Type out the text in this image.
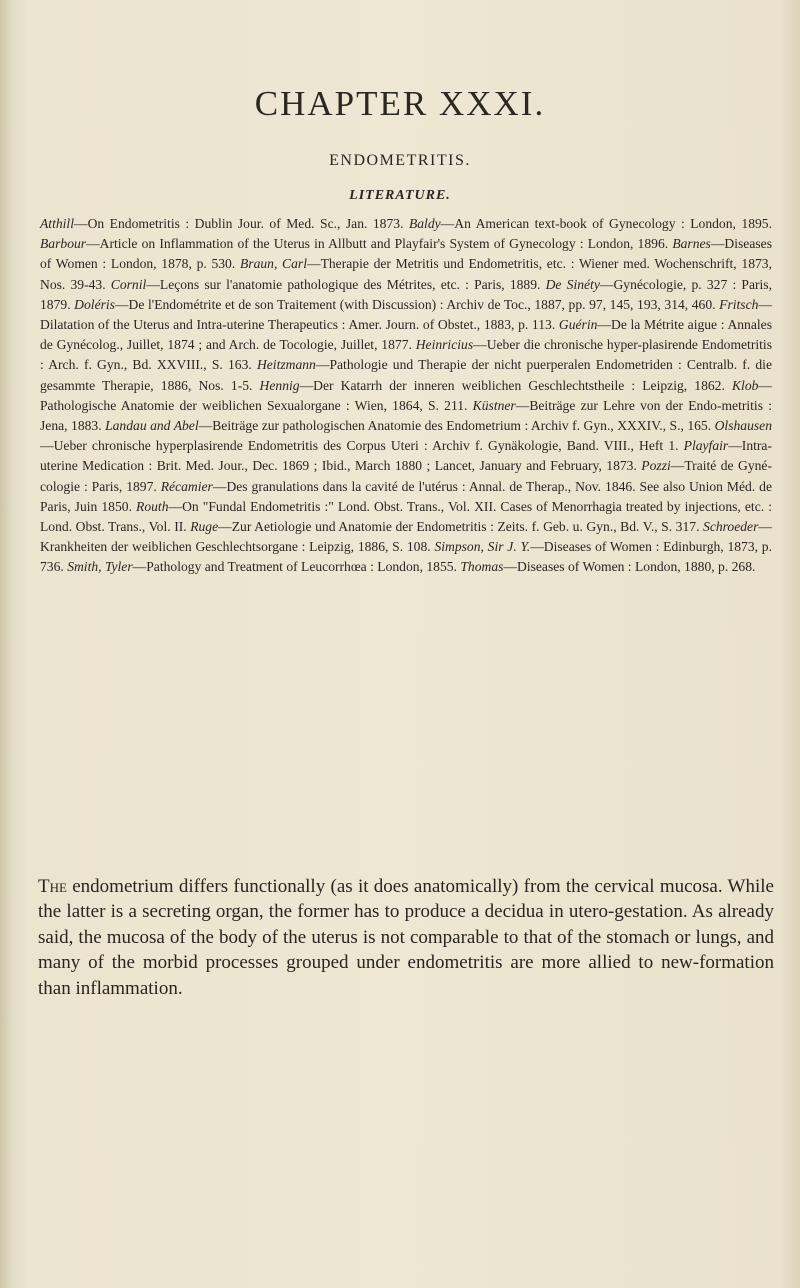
CHAPTER XXXI.
ENDOMETRITIS.
LITERATURE.

Atthill—On Endometritis : Dublin Jour. of Med. Sc., Jan. 1873. Baldy—An American text-book of Gynecology : London, 1895. Barbour—Article on Inflammation of the Uterus in Allbutt and Playfair's System of Gynecology : London, 1896. Barnes—Diseases of Women : London, 1878, p. 530. Braun, Carl—Therapie der Metritis und Endometritis, etc. : Wiener med. Wochenschrift, 1873, Nos. 39-43. Cornil—Leçons sur l'anatomie pathologique des Métrites, etc. : Paris, 1889. De Sinéty—Gynécologie, p. 327 : Paris, 1879. Doléris—De l'Endométrite et de son Traitement (with Discussion) : Archiv de Toc., 1887, pp. 97, 145, 193, 314, 460. Fritsch—Dilatation of the Uterus and Intra-uterine Therapeutics : Amer. Journ. of Obstet., 1883, p. 113. Guérin—De la Métrite aigue : Annales de Gynécolog., Juillet, 1874 ; and Arch. de Tocologie, Juillet, 1877. Heinricius—Ueber die chronische hyper-plasirende Endometritis : Arch. f. Gyn., Bd. XXVIII., S. 163. Heitzmann—Pathologie und Therapie der nicht puerperalen Endometriden : Centralb. f. die gesammte Therapie, 1886, Nos. 1-5. Hennig—Der Katarrh der inneren weiblichen Geschlechtstheile : Leipzig, 1862. Klob—Pathologische Anatomie der weiblichen Sexualorgane : Wien, 1864, S. 211. Küstner—Beiträge zur Lehre von der Endo-metritis : Jena, 1883. Landau and Abel—Beiträge zur pathologischen Anatomie des Endometrium : Archiv f. Gyn., XXXIV., S., 165. Olshausen—Ueber chronische hyperplasirende Endometritis des Corpus Uteri : Archiv f. Gynäkologie, Band. VIII., Heft 1. Playfair—Intra-uterine Medication : Brit. Med. Jour., Dec. 1869 ; Ibid., March 1880 ; Lancet, January and February, 1873. Pozzi—Traité de Gyné-cologie : Paris, 1897. Récamier—Des granulations dans la cavité de l'utérus : Annal. de Therap., Nov. 1846. See also Union Méd. de Paris, Juin 1850. Routh—On "Fundal Endometritis :" Lond. Obst. Trans., Vol. XII. Cases of Menorrhagia treated by injections, etc. : Lond. Obst. Trans., Vol. II. Ruge—Zur Aetiologie und Anatomie der Endometritis : Zeits. f. Geb. u. Gyn., Bd. V., S. 317. Schroeder—Krankheiten der weiblichen Geschlechtsorgane : Leipzig, 1886, S. 108. Simpson, Sir J. Y.—Diseases of Women : Edinburgh, 1873, p. 736. Smith, Tyler—Pathology and Treatment of Leucorrhœa : London, 1855. Thomas—Diseases of Women : London, 1880, p. 268.

The endometrium differs functionally (as it does anatomically) from the cervical mucosa. While the latter is a secreting organ, the former has to produce a decidua in utero-gestation. As already said, the mucosa of the body of the uterus is not comparable to that of the stomach or lungs, and many of the morbid processes grouped under endometritis are more allied to new-formation than inflammation.
